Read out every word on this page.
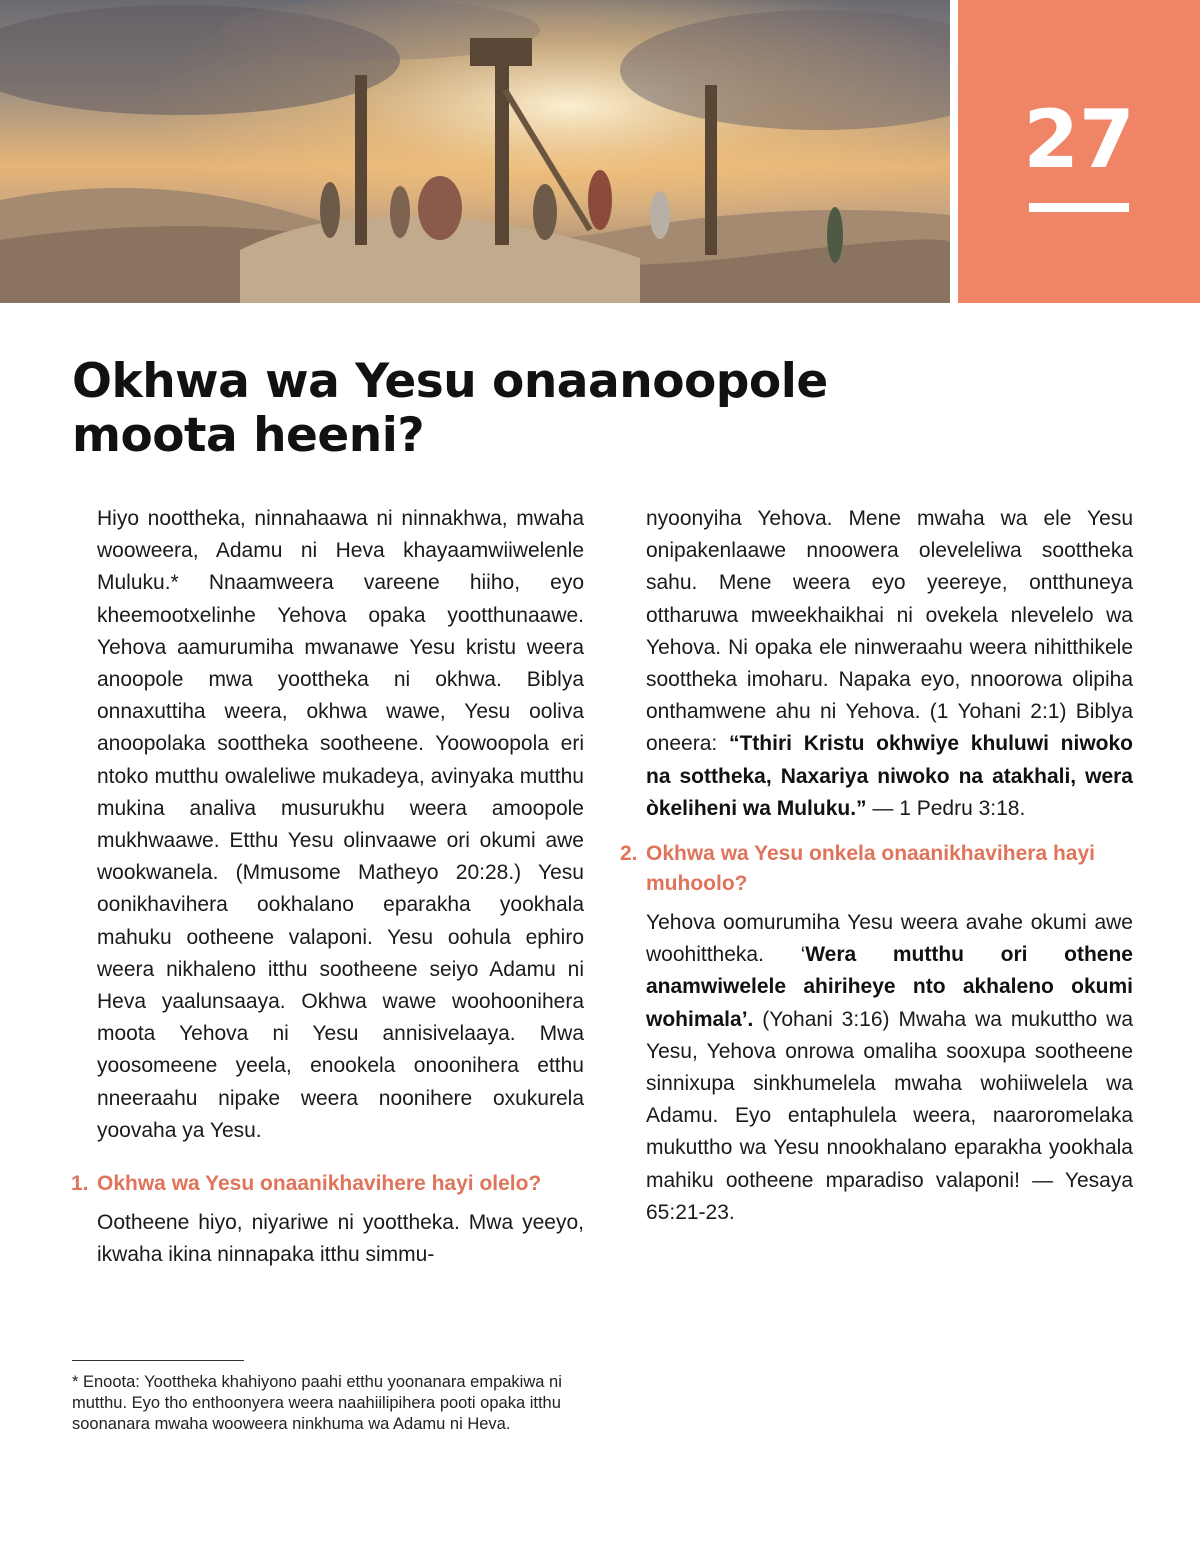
27
Okhwa wa Yesu onaanoopole
moota heeni?

Hiyo noottheka, ninnahaawa ni ninnakhwa, mwaha wooweera, Adamu ni Heva khayaamwiiwelenle Muluku.* Nnaamweera vareene hiiho, eyo kheemootxelinhe Yehova opaka yootthunaawe. Yehova aamurumiha mwanawe Yesu kristu weera anoopole mwa yoottheka ni okhwa. Biblya onnaxuttiha weera, okhwa wawe, Yesu ooliva anoopolaka soottheka sootheene. Yoowoopola eri ntoko mutthu owaleliwe mukadeya, avinyaka mutthu mukina analiva musurukhu weera amoopole mukhwaawe. Etthu Yesu olinvaawe ori okumi awe wookwanela. (Mmusome Matheyo 20:28.) Yesu oonikhavihera ookhalano eparakha yookhala mahuku ootheene valaponi. Yesu oohula ephiro weera nikhaleno itthu sootheene seiyo Adamu ni Heva yaalunsaaya. Okhwa wawe woohoonihera moota Yehova ni Yesu annisivelaaya. Mwa yoosomeene yeela, enookela onoonihera etthu nneeraahu nipake weera noonihere oxukurela yoovaha ya Yesu.

1. Okhwa wa Yesu onaanikhavihere hayi olelo?

Ootheene hiyo, niyariwe ni yoottheka. Mwa yeeyo, ikwaha ikina ninnapaka itthu simmu-

nyoonyiha Yehova. Mene mwaha wa ele Yesu onipakenlaawe nnoowera oleveleliwa soottheka sahu. Mene weera eyo yeereye, ontthuneya ottharuwa mweekhaikhai ni ovekela nlevelelo wa Yehova. Ni opaka ele ninweraahu weera nihitthikele soottheka imoharu. Napaka eyo, nnoorowa olipiha onthamwene ahu ni Yehova. (1 Yohani 2:1) Biblya oneera: “Tthiri Kristu okhwiye khuluwi niwoko na sottheka, Naxariya niwoko na atakhali, wera òkeliheni wa Muluku.” — 1 Pedru 3:18.

2. Okhwa wa Yesu onkela onaanikhavihera hayi muhoolo?

Yehova oomurumiha Yesu weera avahe okumi awe woohittheka. ‘Wera mutthu ori othene anamwiwelele ahiriheye nto akhaleno okumi wohimala’. (Yohani 3:16) Mwaha wa mukuttho wa Yesu, Yehova onrowa omaliha sooxupa sootheene sinnixupa sinkhumelela mwaha wohiiwelela wa Adamu. Eyo entaphulela weera, naaroromelaka mukuttho wa Yesu nnookhalano eparakha yookhala mahiku ootheene mparadiso valaponi! — Yesaya 65:21-23.

* Enoota: Yoottheka khahiyono paahi etthu yoonanara empakiwa ni mutthu. Eyo tho enthoonyera weera naahiilipihera pooti opaka itthu soonanara mwaha wooweera ninkhuma wa Adamu ni Heva.
